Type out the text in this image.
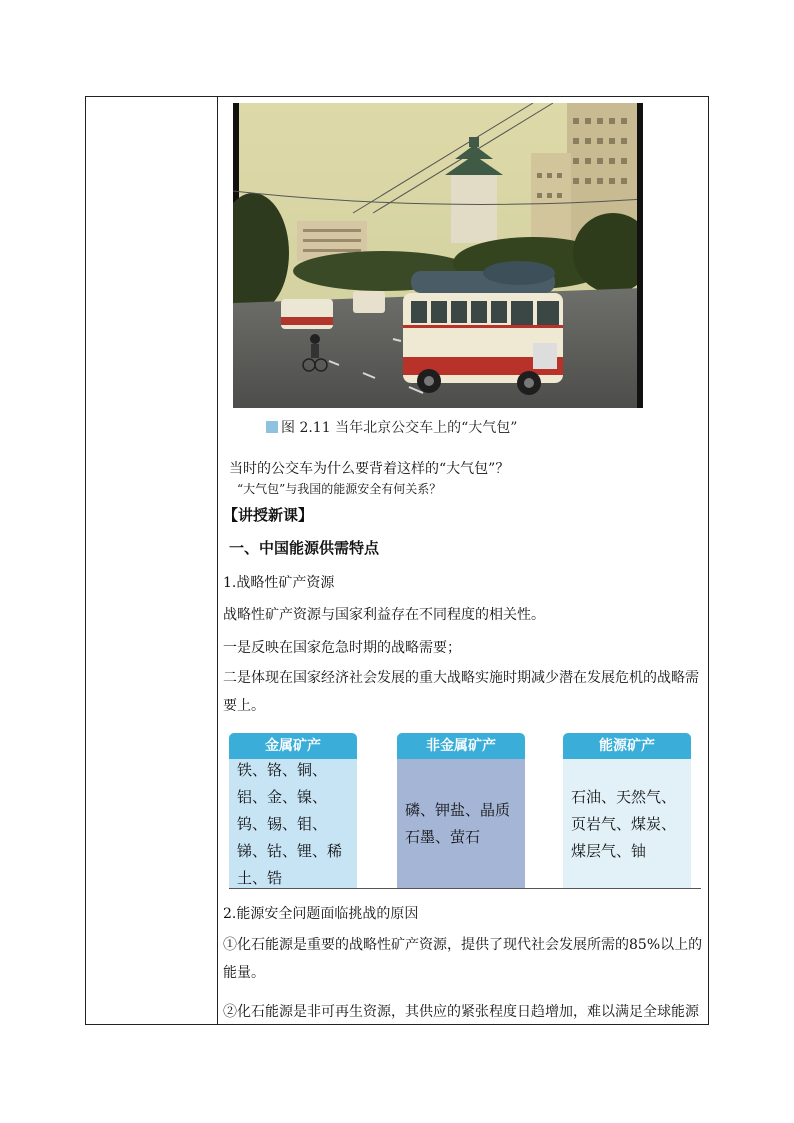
图 2.11 当年北京公交车上的“大气包”
当时的公交车为什么要背着这样的“大气包”？
“大气包”与我国的能源安全有何关系？
【讲授新课】
一、中国能源供需特点
1.战略性矿产资源
战略性矿产资源与国家利益存在不同程度的相关性。
一是反映在国家危急时期的战略需要；
二是体现在国家经济社会发展的重大战略实施时期减少潜在发展危机的战略需要上。
金属矿产
铁、铬、铜、铝、金、镍、钨、锡、钼、锑、钴、锂、稀土、锆
非金属矿产
磷、钾盐、晶质石墨、萤石
能源矿产
石油、天然气、页岩气、煤炭、煤层气、铀
2.能源安全问题面临挑战的原因
①化石能源是重要的战略性矿产资源，提供了现代社会发展所需的85%以上的能量。
②化石能源是非可再生资源，其供应的紧张程度日趋增加，难以满足全球能源
